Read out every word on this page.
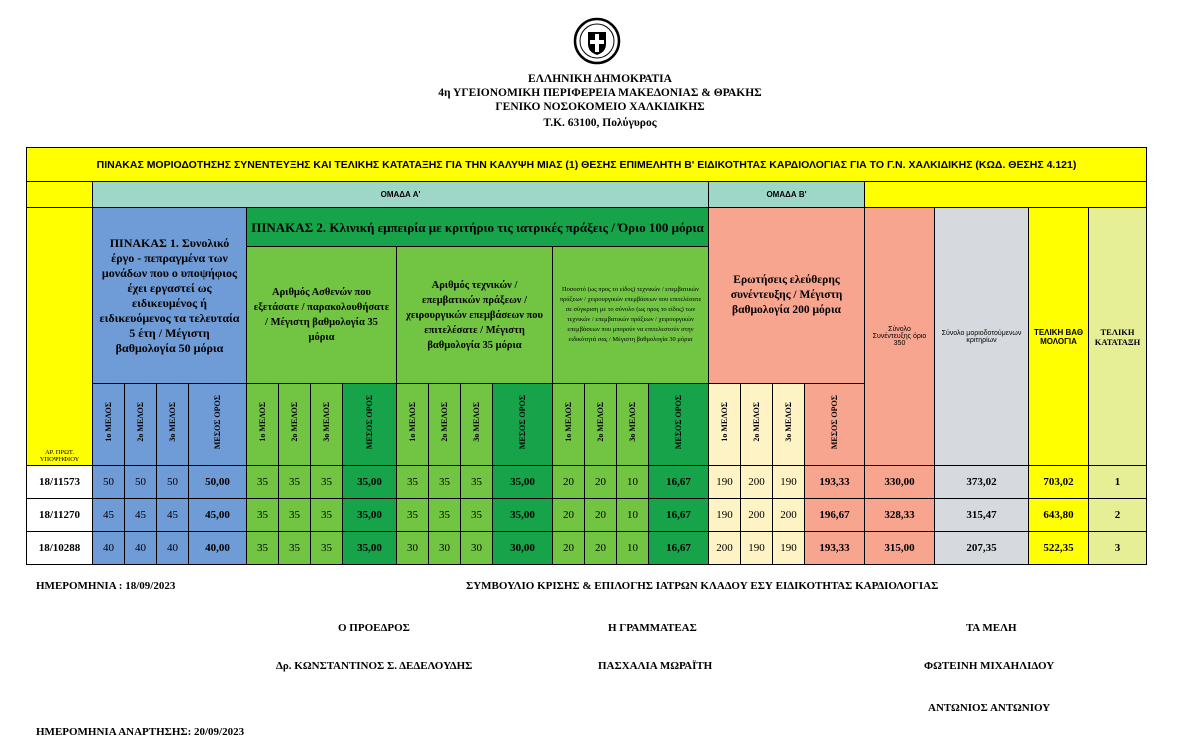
ΕΛΛΗΝΙΚΗ ΔΗΜΟΚΡΑΤΙΑ
4η ΥΓΕΙΟΝΟΜΙΚΗ ΠΕΡΙΦΕΡΕΙΑ ΜΑΚΕΔΟΝΙΑΣ & ΘΡΑΚΗΣ
ΓΕΝΙΚΟ ΝΟΣΟΚΟΜΕΙΟ ΧΑΛΚΙΔΙΚΗΣ
Τ.Κ. 63100, Πολύγυρος
ΠΙΝΑΚΑΣ ΜΟΡΙΟΔΟΤΗΣΗΣ ΣΥΝΕΝΤΕΥΞΗΣ ΚΑΙ ΤΕΛΙΚΗΣ ΚΑΤΑΤΑΞΗΣ ΓΙΑ ΤΗΝ ΚΑΛΥΨΗ ΜΙΑΣ (1) ΘΕΣΗΣ ΕΠΙΜΕΛΗΤΗ Β' ΕΙΔΙΚΟΤΗΤΑΣ ΚΑΡΔΙΟΛΟΓΙΑΣ ΓΙΑ ΤΟ Γ.Ν. ΧΑΛΚΙΔΙΚΗΣ (ΚΩΔ. ΘΕΣΗΣ 4.121)																								
	ΟΜΑΔΑ Α'																ΟΜΑΔΑ Β'							
ΑΡ. ΠΡΩΤ. ΥΠΟΨΗΦΙΟΥ	ΠΙΝΑΚΑΣ 1. Συνολικό έργο - πεπραγμένα των μονάδων που ο υποψήφιος έχει εργαστεί ως ειδικευμένος ή ειδικευόμενος τα τελευταία 5 έτη / Μέγιστη βαθμολογία 50 μόρια				ΠΙΝΑΚΑΣ 2. Κλινική εμπειρία με κριτήριο τις ιατρικές πράξεις / Όριο 100 μόρια												Ερωτήσεις ελεύθερης συνέντευξης / Μέγιστη βαθμολογία 200 μόρια				Σύνολο Συνέντευξης όριο 350	Σύνολο μοριοδοτούμενων κριτηρίων	ΤΕΛΙΚΗ ΒΑΘΜΟΛΟΓΙΑ	ΤΕΛΙΚΗ ΚΑΤΑΤΑΞΗ
					Αριθμός Ασθενών που εξετάσατε / παρακολουθήσατε / Μέγιστη βαθμολογία 35 μόρια				Αριθμός τεχνικών / επεμβατικών πράξεων / χειρουργικών επεμβάσεων που επιτελέσατε / Μέγιστη βαθμολογία 35 μόρια				Ποσοστό (ως προς το είδος) τεχνικών / επεμβατικών πράξεων / χειρουργικών επεμβάσεων που επιτελέσατε σε σύγκριση με το σύνολο (ως προς το είδος) των τεχνικών / επεμβατικών πράξεων / χειρουργικών επεμβάσεων που μπορούν να επιτελεστούν στην ειδικότητά σας / Μέγιστη βαθμολογία 30 μόρια											
	1ο ΜΕΛΟΣ	2ο ΜΕΛΟΣ	3ο ΜΕΛΟΣ	ΜΕΣΟΣ ΟΡΟΣ	1ο ΜΕΛΟΣ	2ο ΜΕΛΟΣ	3ο ΜΕΛΟΣ	ΜΕΣΟΣ ΟΡΟΣ	1ο ΜΕΛΟΣ	2ο ΜΕΛΟΣ	3ο ΜΕΛΟΣ	ΜΕΣΟΣ ΟΡΟΣ	1ο ΜΕΛΟΣ	2ο ΜΕΛΟΣ	3ο ΜΕΛΟΣ	ΜΕΣΟΣ ΟΡΟΣ	1ο ΜΕΛΟΣ	2ο ΜΕΛΟΣ	3ο ΜΕΛΟΣ	ΜΕΣΟΣ ΟΡΟΣ				
18/11573	50	50	50	50,00	35	35	35	35,00	35	35	35	35,00	20	20	10	16,67	190	200	190	193,33	330,00	373,02	703,02	1
18/11270	45	45	45	45,00	35	35	35	35,00	35	35	35	35,00	20	20	10	16,67	190	200	200	196,67	328,33	315,47	643,80	2
18/10288	40	40	40	40,00	35	35	35	35,00	30	30	30	30,00	20	20	10	16,67	200	190	190	193,33	315,00	207,35	522,35	3
ΗΜΕΡΟΜΗΝΙΑ : 18/09/2023	ΣΥΜΒΟΥΛΙΟ ΚΡΙΣΗΣ & ΕΠΙΛΟΓΗΣ ΙΑΤΡΩΝ ΚΛΑΔΟΥ ΕΣΥ ΕΙΔΙΚΟΤΗΤΑΣ ΚΑΡΔΙΟΛΟΓΙΑΣ
Ο ΠΡΟΕΔΡΟΣ	Η ΓΡΑΜΜΑΤΕΑΣ	ΤΑ ΜΕΛΗ
Δρ. ΚΩΝΣΤΑΝΤΙΝΟΣ Σ. ΔΕΔΕΛΟΥΔΗΣ	ΠΑΣΧΑΛΙΑ ΜΩΡΑΪΤΗ	ΦΩΤΕΙΝΗ ΜΙΧΑΗΛΙΔΟΥ
ΑΝΤΩΝΙΟΣ ΑΝΤΩΝΙΟΥ
ΗΜΕΡΟΜΗΝΙΑ ΑΝΑΡΤΗΣΗΣ: 20/09/2023
